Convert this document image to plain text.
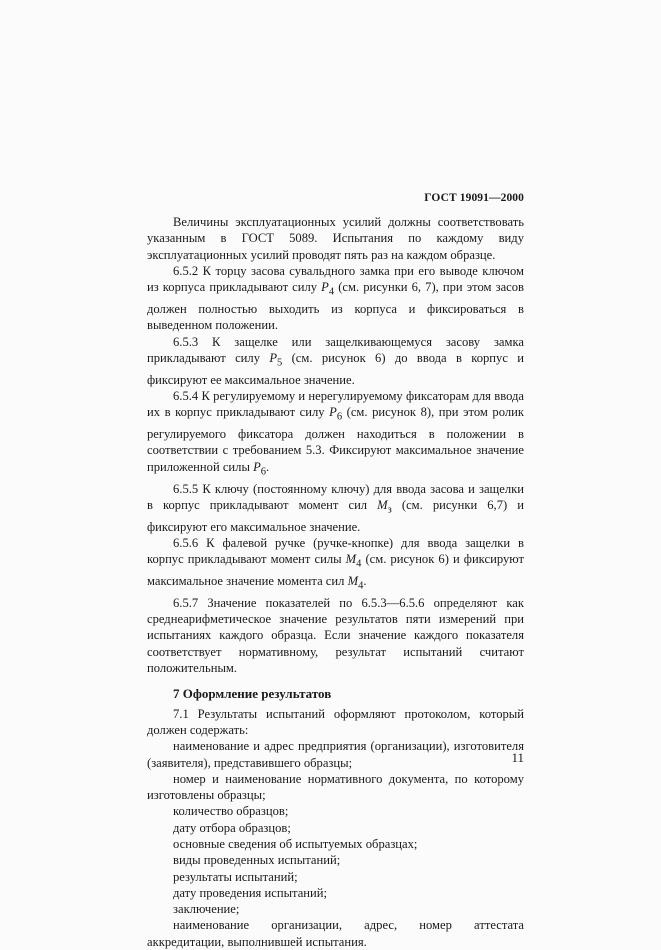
ГОСТ 19091—2000

Величины эксплуатационных усилий должны соответствовать указанным в ГОСТ 5089. Испытания по каждому виду эксплуатационных усилий проводят пять раз на каждом образце.

6.5.2 К торцу засова сувальдного замка при его выводе ключом из корпуса прикладывают силу $P_4$ (см. рисунки 6, 7), при этом засов должен полностью выходить из корпуса и фиксироваться в выведенном положении.

6.5.3 К защелке или защелкивающемуся засову замка прикладывают силу $P_5$ (см. рисунок 6) до ввода в корпус и фиксируют ее максимальное значение.

6.5.4 К регулируемому и нерегулируемому фиксаторам для ввода их в корпус прикладывают силу $P_6$ (см. рисунок 8), при этом ролик регулируемого фиксатора должен находиться в положении в соответствии с требованием 5.3. Фиксируют максимальное значение приложенной силы $P_6$.

6.5.5 К ключу (постоянному ключу) для ввода засова и защелки в корпус прикладывают момент сил $M_з$ (см. рисунки 6,7) и фиксируют его максимальное значение.

6.5.6 К фалевой ручке (ручке-кнопке) для ввода защелки в корпус прикладывают момент силы $M_4$ (см. рисунок 6) и фиксируют максимальное значение момента сил $M_4$.

6.5.7 Значение показателей по 6.5.3—6.5.6 определяют как среднеарифметическое значение результатов пяти измерений при испытаниях каждого образца. Если значение каждого показателя соответствует нормативному, результат испытаний считают положительным.

7 Оформление результатов

7.1 Результаты испытаний оформляют протоколом, который должен содержать:

наименование и адрес предприятия (организации), изготовителя (заявителя), представившего образцы;

номер и наименование нормативного документа, по которому изготовлены образцы;

количество образцов;

дату отбора образцов;

основные сведения об испытуемых образцах;

виды проведенных испытаний;

результаты испытаний;

дату проведения испытаний;

заключение;

наименование организации, адрес, номер аттестата аккредитации, выполнившей испытания.

11
